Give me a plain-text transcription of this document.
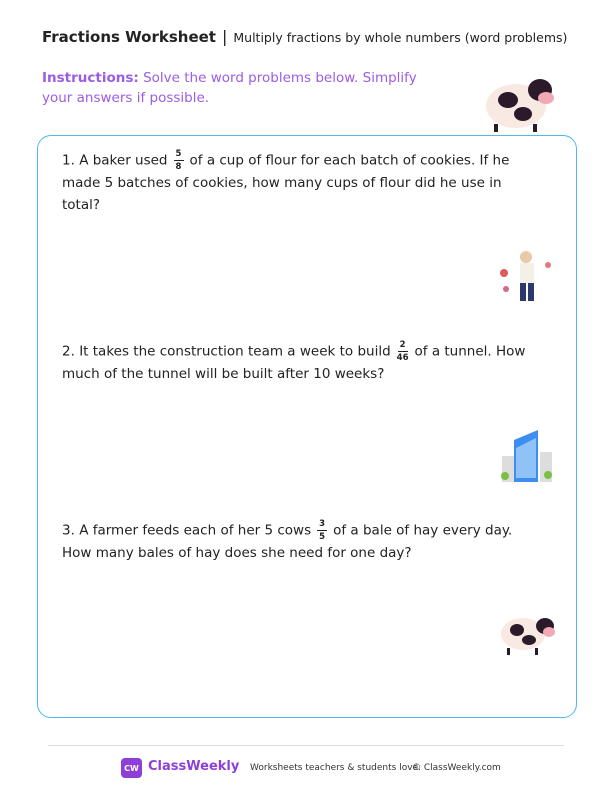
Fractions Worksheet | Multiply fractions by whole numbers (word problems)
Instructions: Solve the word problems below. Simplify your answers if possible.
1. A baker used $\frac{5}{8}$ of a cup of flour for each batch of cookies. If he made 5 batches of cookies, how many cups of flour did he use in total?
2. It takes the construction team a week to build $\frac{2}{46}$ of a tunnel. How much of the tunnel will be built after 10 weeks?
3. A farmer feeds each of her 5 cows $\frac{3}{5}$ of a bale of hay every day. How many bales of hay does she need for one day?
CW ClassWeekly Worksheets teachers & students love.
© ClassWeekly.com
